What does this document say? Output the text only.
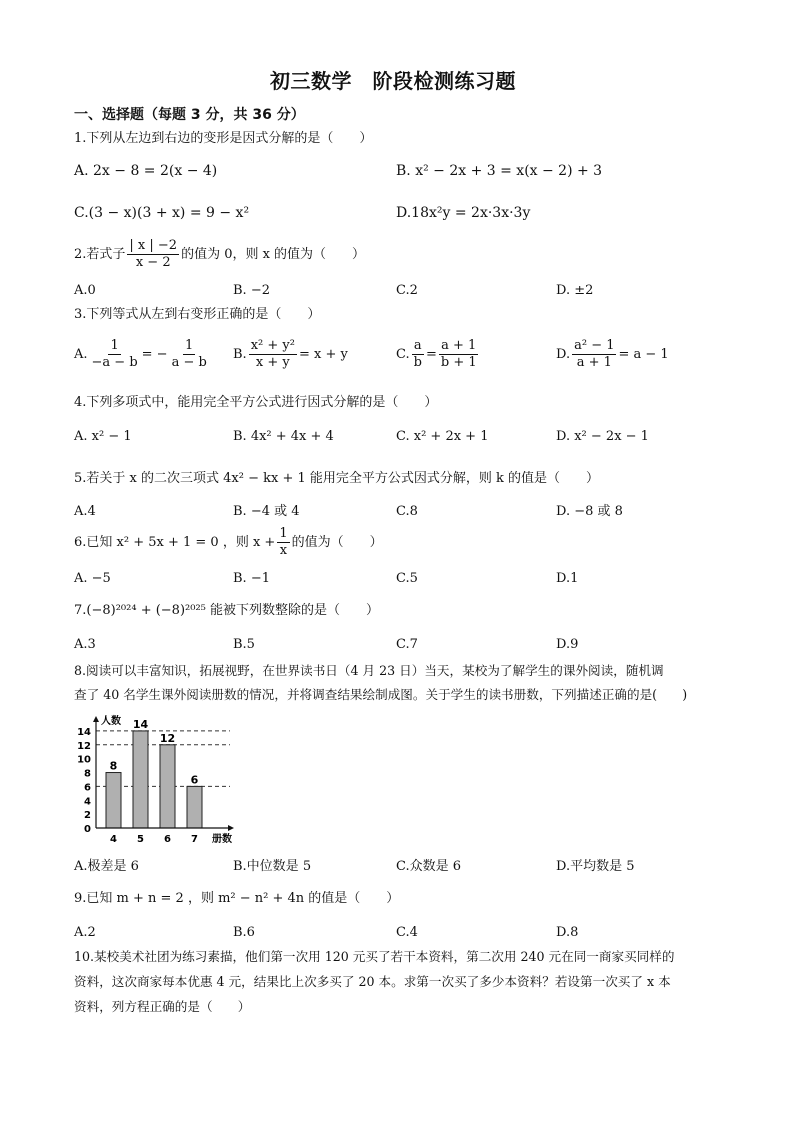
初三数学　阶段检测练习题
一、选择题（每题 3 分，共 36 分）
1.下列从左边到右边的变形是因式分解的是（　　）
A. 2x − 8 = 2(x − 4)	B. x² − 2x + 3 = x(x − 2) + 3
C.(3 − x)(3 + x) = 9 − x²	D.18x²y = 2x·3x·3y
2.若式子 $\frac{| x | -2}{x - 2}$ 的值为 0，则 x 的值为（　　）
A.0	B. −2	C.2	D. ±2
3.下列等式从左到右变形正确的是（　　）
A. $\frac{1}{-a - b}$ = − $\frac{1}{a - b} B$. $\frac{\text{x² + y²}}{x + y} = x + y$	C. $\frac{a}{b} = \frac{a + 1}{b + 1}$	D. $\frac{\text{a² − 1}}{a + 1} = a - 1$
4.下列多项式中，能用完全平方公式进行因式分解的是（　　）
A. x² − 1	B. 4x² + 4x + 4	C. x² + 2x + 1	D. x² − 2x − 1
5.若关于 x 的二次三项式 4x² − kx + 1 能用完全平方公式因式分解，则 k 的值是（　　）
A.4	B. −4 或 4	C.8	D. −8 或 8
6.已知 x² + 5x + 1 = 0 ，则 $x + \frac{1}{x}$ 的值为（　　）
A. −5	B. −1	C.5	D.1
7.(−8)²⁰²⁴ + (−8)²⁰²⁵ 能被下列数整除的是（　　）
A.3	B.5	C.7	D.9
8.阅读可以丰富知识，拓展视野，在世界读书日（4 月 23 日）当天，某校为了解学生的课外阅读，随机调
查了 40 名学生课外阅读册数的情况，并将调查结果绘制成图。关于学生的读书册数，下列描述正确的是(　　)
8
4
14
5
12
6
6
7
0
2
4
6
8
10
12
14
人数
册数
A.极差是 6	B.中位数是 5	C.众数是 6	D.平均数是 5
9.已知 m + n = 2 ，则 m² − n² + 4n 的值是（　　）
A.2	B.6	C.4	D.8
10.某校美术社团为练习素描，他们第一次用 120 元买了若干本资料，第二次用 240 元在同一商家买同样的
资料，这次商家每本优惠 4 元，结果比上次多买了 20 本。求第一次买了多少本资料？若设第一次买了 x 本
资料，列方程正确的是（　　）
